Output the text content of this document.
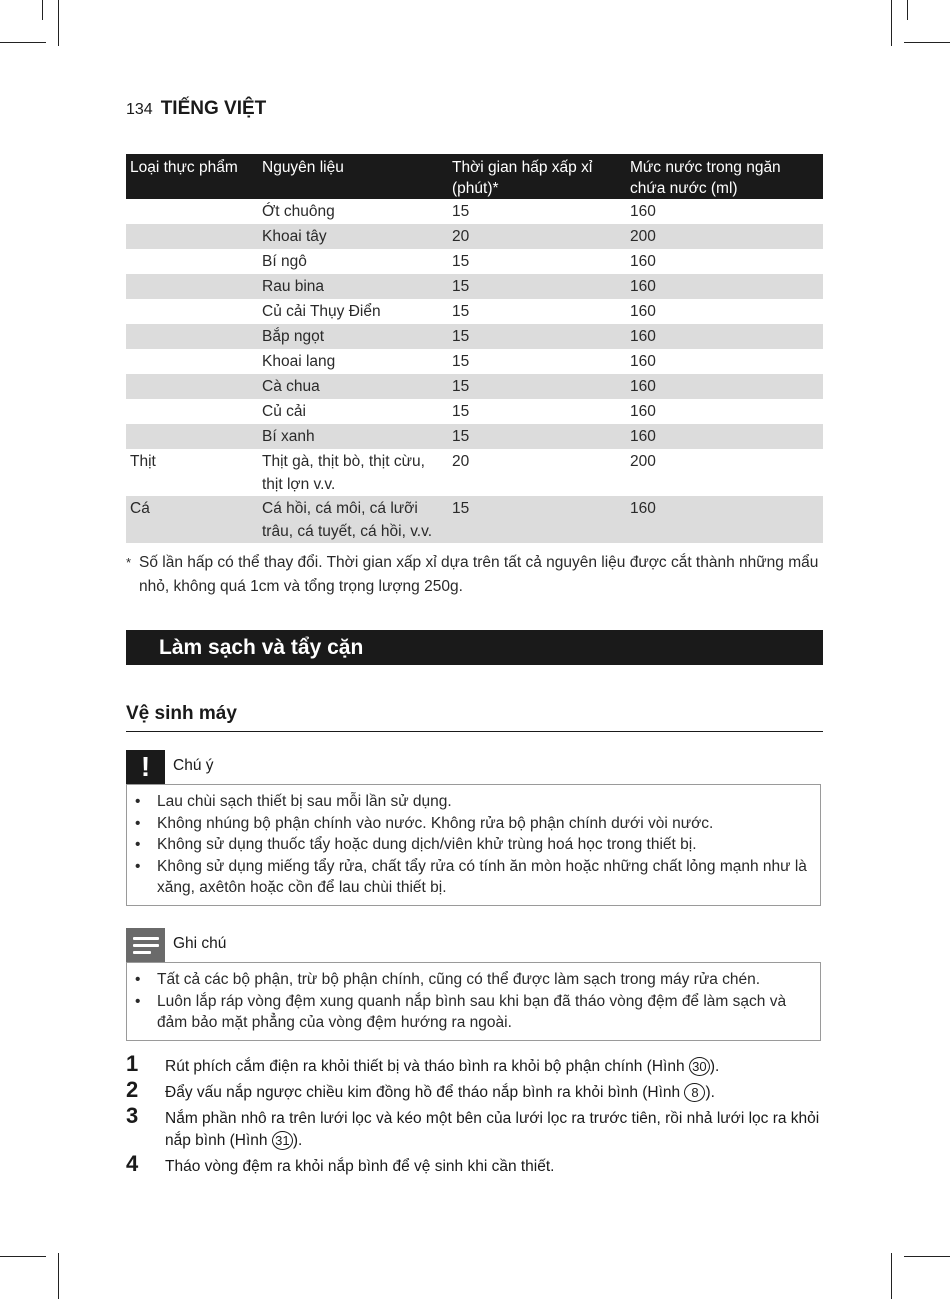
134 TIẾNG VIỆT
Loại thực phẩm	Nguyên liệu	Thời gian hấp xấp xỉ (phút)*	Mức nước trong ngăn chứa nước (ml)
	Ớt chuông	15	160
	Khoai tây	20	200
	Bí ngô	15	160
	Rau bina	15	160
	Củ cải Thụy Điển	15	160
	Bắp ngọt	15	160
	Khoai lang	15	160
	Cà chua	15	160
	Củ cải	15	160
	Bí xanh	15	160
Thịt	Thịt gà, thịt bò, thịt cừu, thịt lợn v.v.	20	200
Cá	Cá hồi, cá môi, cá lưỡi trâu, cá tuyết, cá hồi, v.v.	15	160
* Số lần hấp có thể thay đổi. Thời gian xấp xỉ dựa trên tất cả nguyên liệu được cắt thành những mẩu nhỏ, không quá 1cm và tổng trọng lượng 250g.
Làm sạch và tẩy cặn
Vệ sinh máy
!	Chú ý
• Lau chùi sạch thiết bị sau mỗi lần sử dụng.
• Không nhúng bộ phận chính vào nước. Không rửa bộ phận chính dưới vòi nước.
• Không sử dụng thuốc tẩy hoặc dung dịch/viên khử trùng hoá học trong thiết bị.
• Không sử dụng miếng tẩy rửa, chất tẩy rửa có tính ăn mòn hoặc những chất lỏng mạnh như là xăng, axêtôn hoặc cồn để lau chùi thiết bị.
Ghi chú
• Tất cả các bộ phận, trừ bộ phận chính, cũng có thể được làm sạch trong máy rửa chén.
• Luôn lắp ráp vòng đệm xung quanh nắp bình sau khi bạn đã tháo vòng đệm để làm sạch và đảm bảo mặt phẳng của vòng đệm hướng ra ngoài.
1 Rút phích cắm điện ra khỏi thiết bị và tháo bình ra khỏi bộ phận chính (Hình 30 ).
2 Đẩy vấu nắp ngược chiều kim đồng hồ để tháo nắp bình ra khỏi bình (Hình 8 ).
3 Nắm phần nhô ra trên lưới lọc và kéo một bên của lưới lọc ra trước tiên, rồi nhả lưới lọc ra khỏi nắp bình (Hình 31 ).
4 Tháo vòng đệm ra khỏi nắp bình để vệ sinh khi cần thiết.
